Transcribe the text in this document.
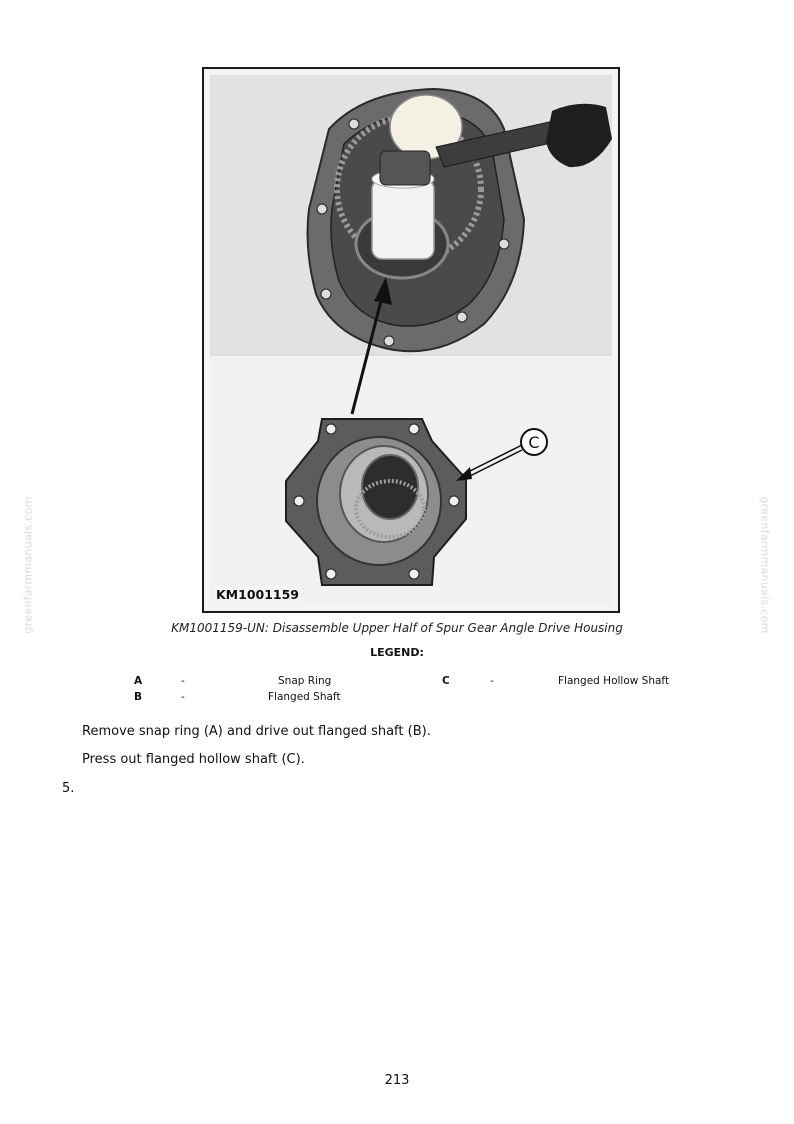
C
KM1001159
KM1001159-UN: Disassemble Upper Half of Spur Gear Angle Drive Housing
LEGEND:
A	-	Snap Ring
B	-	Flanged Shaft
C	-	Flanged Hollow Shaft
Remove snap ring (A) and drive out flanged shaft (B).
Press out flanged hollow shaft (C).
5.
greenfarmmanuals.com	greenfarmmanuals.com
213
